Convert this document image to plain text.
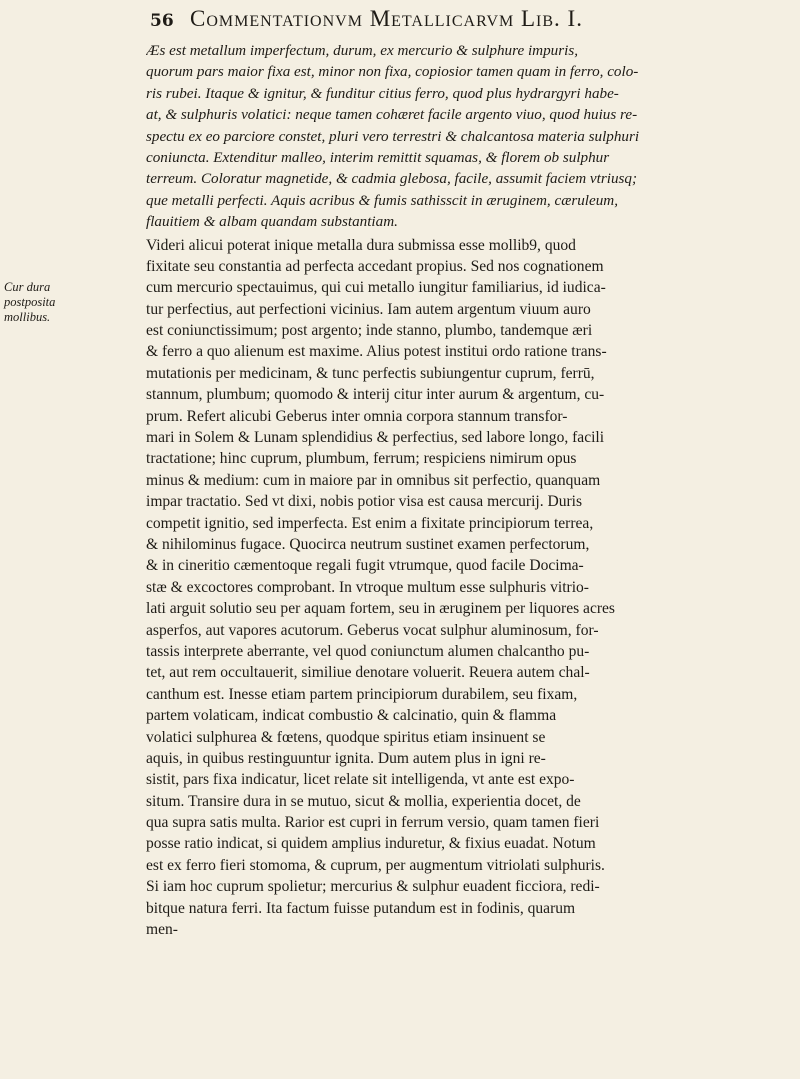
56 Commentationvm Metallicarvm Lib. I.
Cur dura
postposita
mollibus.
Æs est metallum imperfectum, durum, ex mercurio & sulphure impuris,
quorum pars maior fixa est, minor non fixa, copiosior tamen quam in ferro, colo-
ris rubei. Itaque & ignitur, & funditur citius ferro, quod plus hydrargyri habe-
at, & sulphuris volatici: neque tamen cohæret facile argento viuo, quod huius re-
spectu ex eo parciore constet, pluri vero terrestri & chalcantosa materia sulphuri
coniuncta. Extenditur malleo, interim remittit squamas, & florem ob sulphur
terreum. Coloratur magnetide, & cadmia glebosa, facile, assumit faciem vtriusq;
que metalli perfecti. Aquis acribus & fumis sathisscit in æruginem, cæruleum,
flauitiem & albam quandam substantiam.
Videri alicui poterat inique metalla dura submissa esse mollib9, quod
fixitate seu constantia ad perfecta accedant propius. Sed nos cognationem
cum mercurio spectauimus, qui cui metallo iungitur familiarius, id iudica-
tur perfectius, aut perfectioni vicinius. Iam autem argentum viuum auro
est coniunctissimum; post argento; inde stanno, plumbo, tandemque æri
& ferro a quo alienum est maxime. Alius potest institui ordo ratione trans-
mutationis per medicinam, & tunc perfectis subiungentur cuprum, ferrū,
stannum, plumbum; quomodo & interij citur inter aurum & argentum, cu-
prum. Refert alicubi Geberus inter omnia corpora stannum transfor-
mari in Solem & Lunam splendidius & perfectius, sed labore longo, facili
tractatione; hinc cuprum, plumbum, ferrum; respiciens nimirum opus
minus & medium: cum in maiore par in omnibus sit perfectio, quanquam
impar tractatio. Sed vt dixi, nobis potior visa est causa mercurij. Duris
competit ignitio, sed imperfecta. Est enim a fixitate principiorum terrea,
& nihilominus fugace. Quocirca neutrum sustinet examen perfectorum,
& in cineritio cæmentoque regali fugit vtrumque, quod facile Docima-
stæ & excoctores comprobant. In vtroque multum esse sulphuris vitrio-
lati arguit solutio seu per aquam fortem, seu in æruginem per liquores acres
asperfos, aut vapores acutorum. Geberus vocat sulphur aluminosum, for-
tassis interprete aberrante, vel quod coniunctum alumen chalcantho pu-
tet, aut rem occultauerit, similiue denotare voluerit. Reuera autem chal-
canthum est. Inesse etiam partem principiorum durabilem, seu fixam,
partem volaticam, indicat combustio & calcinatio, quin & flamma
volatici sulphurea & fœtens, quodque spiritus etiam insinuent se
aquis, in quibus restinguuntur ignita. Dum autem plus in igni re-
sistit, pars fixa indicatur, licet relate sit intelligenda, vt ante est expo-
situm. Transire dura in se mutuo, sicut & mollia, experientia docet, de
qua supra satis multa. Rarior est cupri in ferrum versio, quam tamen fieri
posse ratio indicat, si quidem amplius induretur, & fixius euadat. Notum
est ex ferro fieri stomoma, & cuprum, per augmentum vitriolati sulphuris.
Si iam hoc cuprum spolietur; mercurius & sulphur euadent ficciora, redi-
bitque natura ferri. Ita factum fuisse putandum est in fodinis, quarum
men-
